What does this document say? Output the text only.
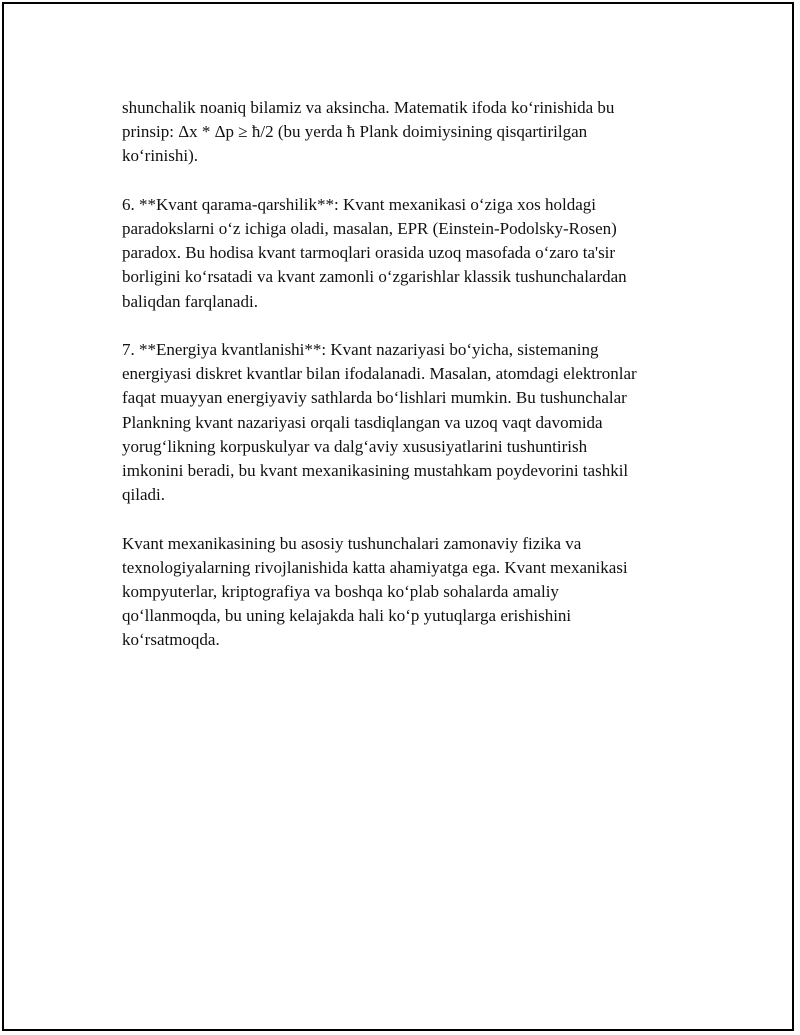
shunchalik noaniq bilamiz va aksincha. Matematik ifoda ko‘rinishida bu
prinsip: Δx * Δp ≥ ħ/2 (bu yerda ħ Plank doimiysining qisqartirilgan
ko‘rinishi).

6. **Kvant qarama-qarshilik**: Kvant mexanikasi o‘ziga xos holdagi
paradokslarni o‘z ichiga oladi, masalan, EPR (Einstein-Podolsky-Rosen)
paradox. Bu hodisa kvant tarmoqlari orasida uzoq masofada o‘zaro ta'sir
borligini ko‘rsatadi va kvant zamonli o‘zgarishlar klassik tushunchalardan
baliqdan farqlanadi.

7. **Energiya kvantlanishi**: Kvant nazariyasi bo‘yicha, sistemaning
energiyasi diskret kvantlar bilan ifodalanadi. Masalan, atomdagi elektronlar
faqat muayyan energiyaviy sathlarda bo‘lishlari mumkin. Bu tushunchalar
Plankning kvant nazariyasi orqali tasdiqlangan va uzoq vaqt davomida
yorug‘likning korpuskulyar va dalg‘aviy xususiyatlarini tushuntirish
imkonini beradi, bu kvant mexanikasining mustahkam poydevorini tashkil
qiladi.

Kvant mexanikasining bu asosiy tushunchalari zamonaviy fizika va
texnologiyalarning rivojlanishida katta ahamiyatga ega. Kvant mexanikasi
kompyuterlar, kriptografiya va boshqa ko‘plab sohalarda amaliy
qo‘llanmoqda, bu uning kelajakda hali ko‘p yutuqlarga erishishini
ko‘rsatmoqda.
